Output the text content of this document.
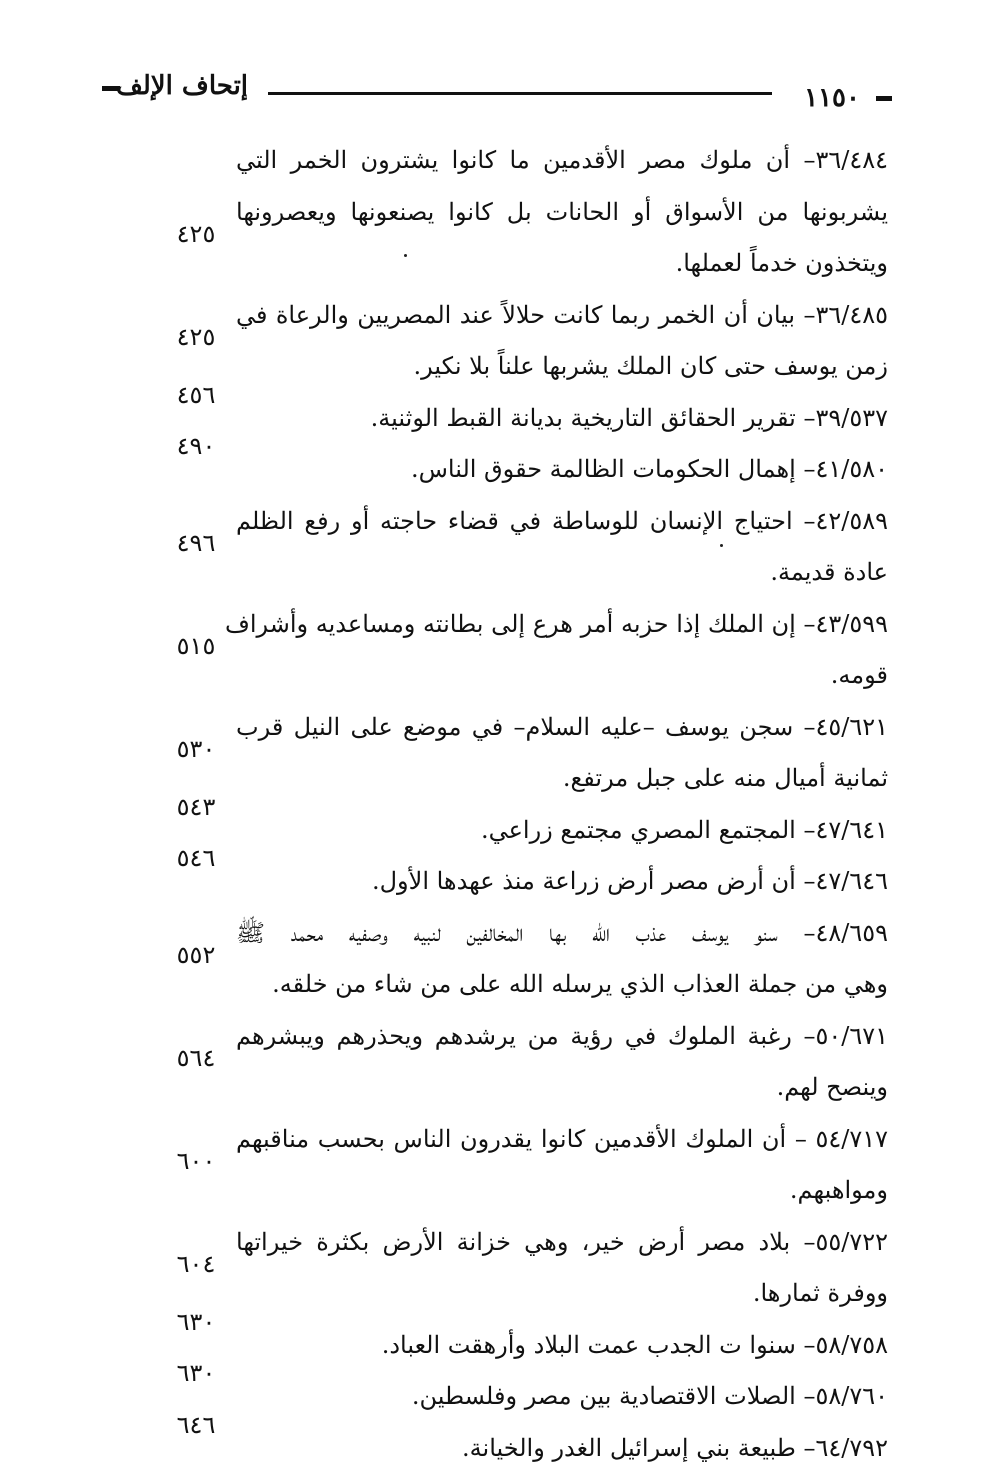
إتحاف الإلف	١١٥٠
٣٦/٤٨٤– أن ملوك مصر الأقدمين ما كانوا يشترون الخمر التي
يشربونها من الأسواق أو الحانات بل كانوا يصنعونها ويعصرونها
ويتخذون خدماً لعملها.
٤٢٥
٣٦/٤٨٥– بيان أن الخمر ربما كانت حلالاً عند المصريين والرعاة في
زمن يوسف حتى كان الملك يشربها علناً بلا نكير.
٤٢٥
٣٩/٥٣٧– تقرير الحقائق التاريخية بديانة القبط الوثنية.
٤٥٦
٤١/٥٨٠– إهمال الحكومات الظالمة حقوق الناس.
٤٩٠
٤٢/٥٨٩– احتياج الإنسان للوساطة في قضاء حاجته أو رفع الظلم
عادة قديمة.
٤٩٦
٤٣/٥٩٩– إن الملك إذا حزبه أمر هرع إلى بطانته ومساعديه وأشراف
قومه.
٥١٥
٤٥/٦٢١– سجن يوسف –عليه السلام– في موضع على النيل قرب
ثمانية أميال منه على جبل مرتفع.
٥٣٠
٤٧/٦٤١– المجتمع المصري مجتمع زراعي.
٥٤٣
٤٧/٦٤٦– أن أرض مصر أرض زراعة منذ عهدها الأول.
٥٤٦
٤٨/٦٥٩– سنو يوسف عذب الله بها المخالفين لنبيه وصفيه محمد ﷺ
وهي من جملة العذاب الذي يرسله الله على من شاء من خلقه.
٥٥٢
٥٠/٦٧١– رغبة الملوك في رؤية من يرشدهم ويحذرهم ويبشرهم
وينصح لهم.
٥٦٤
٥٤/٧١٧ – أن الملوك الأقدمين كانوا يقدرون الناس بحسب مناقبهم
ومواهبهم.
٦٠٠
٥٥/٧٢٢– بلاد مصر أرض خير، وهي خزانة الأرض بكثرة خيراتها
ووفرة ثمارها.
٦٠٤
٥٨/٧٥٨– سنوا ت الجدب عمت البلاد وأرهقت العباد.
٦٣٠
٥٨/٧٦٠– الصلات الاقتصادية بين مصر وفلسطين.
٦٣٠
٦٤/٧٩٢– طبيعة بني إسرائيل الغدر والخيانة.
٦٤٦
